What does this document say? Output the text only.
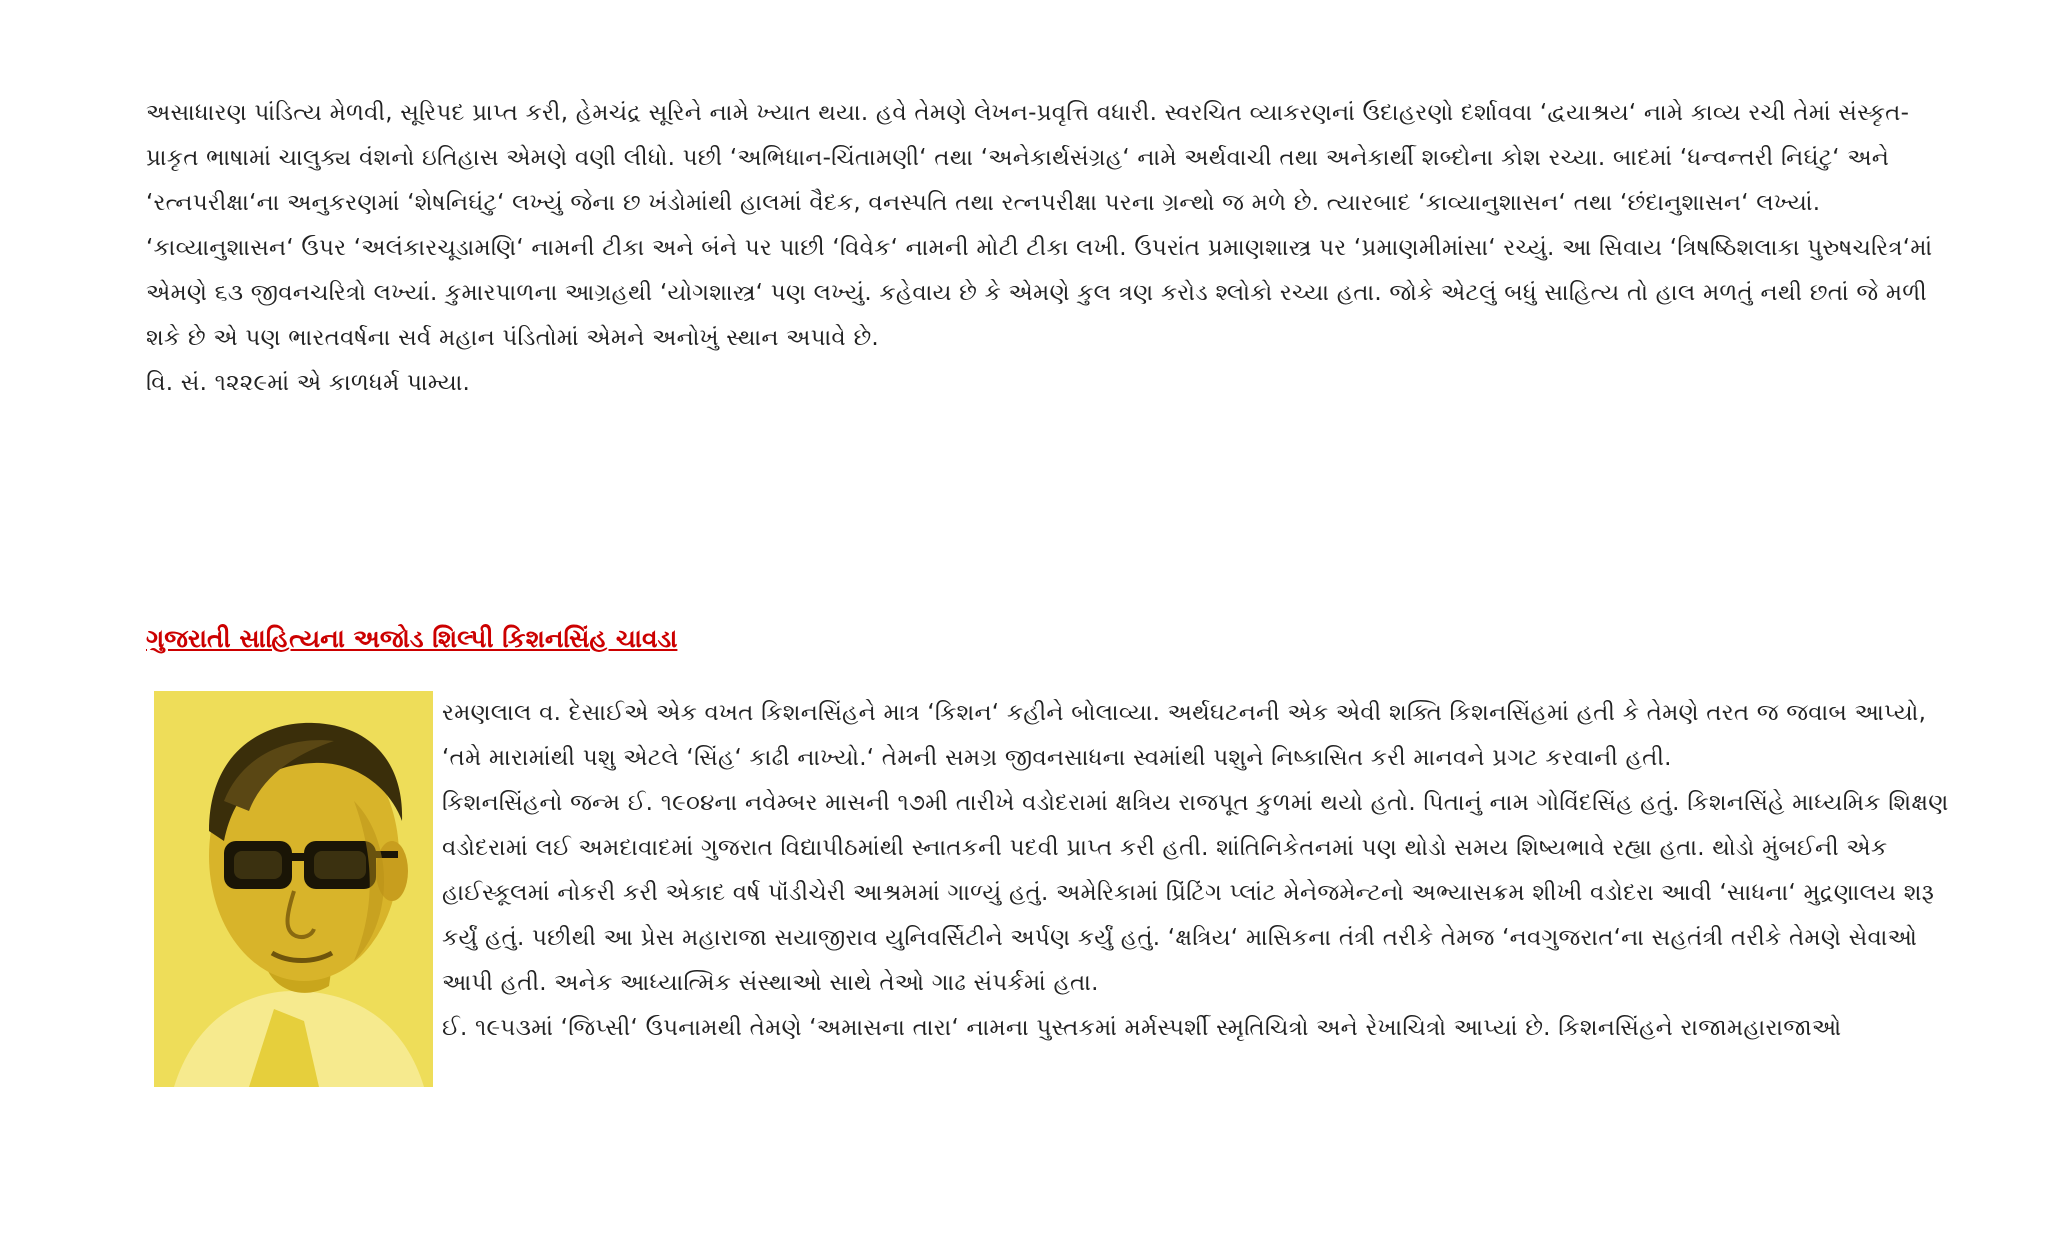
અસાધારણ પાંડિત્ય મેળવી, સૂરિપદ પ્રાપ્ત કરી, હેમચંદ્ર સૂરિને નામે ખ્યાત થયા. હવે તેમણે લેખન-પ્રવૃત્તિ વધારી. સ્વરચિત વ્યાકરણનાં ઉદાહરણો દર્શાવવા ‘દ્વયાશ્રય‘ નામે કાવ્ય રચી તેમાં સંસ્કૃત-પ્રાકૃત ભાષામાં ચાલુક્ય વંશનો ઇતિહાસ એમણે વણી લીધો. પછી ‘અભિધાન-ચિંતામણી‘ તથા ‘અનેકાર્થસંગ્રહ‘ નામે અર્થવાચી તથા અનેકાર્થી શબ્દોના કોશ રચ્યા. બાદમાં ‘ધન્વન્તરી નિઘંટુ‘ અને ‘રત્નપરીક્ષા‘ના અનુકરણમાં ‘શેષનિઘંટુ‘ લખ્યું જેના છ ખંડોમાંથી હાલમાં વૈદક, વનસ્પતિ તથા રત્નપરીક્ષા પરના ગ્રન્થો જ મળે છે. ત્યારબાદ ‘કાવ્યાનુશાસન‘ તથા ‘છંદાનુશાસન‘ લખ્યાં.

‘કાવ્યાનુશાસન‘ ઉપર ‘અલંકારચૂડામણિ‘ નામની ટીકા અને બંને પર પાછી ‘વિવેક‘ નામની મોટી ટીકા લખી. ઉપરાંત પ્રમાણશાસ્ત્ર પર ‘પ્રમાણમીમાંસા‘ રચ્યું. આ સિવાય ‘ત્રિષષ્ઠિશલાકા પુરુષચરિત્ર‘માં એમણે ૬૩ જીવનચરિત્રો લખ્યાં. કુમારપાળના આગ્રહથી ‘યોગશાસ્ત્ર‘ પણ લખ્યું. કહેવાય છે કે એમણે કુલ ત્રણ કરોડ શ્લોકો રચ્યા હતા. જોકે એટલું બધું સાહિત્ય તો હાલ મળતું નથી છતાં જે મળી શકે છે એ પણ ભારતવર્ષના સર્વ મહાન પંડિતોમાં એમને અનોખું સ્થાન અપાવે છે.

વિ. સં. ૧૨૨૯માં એ કાળધર્મ પામ્યા.

ગુજરાતી સાહિત્યના અજોડ શિલ્પી કિશનસિંહ ચાવડા

રમણલાલ વ. દેસાઈએ એક વખત કિશનસિંહને માત્ર ‘કિશન‘ કહીને બોલાવ્યા. અર્થઘટનની એક એવી શક્તિ કિશનસિંહમાં હતી કે તેમણે તરત જ જવાબ આપ્યો, ‘તમે મારામાંથી પશુ એટલે ‘સિંહ‘ કાઢી નાખ્યો.‘ તેમની સમગ્ર જીવનસાધના સ્વમાંથી પશુને નિષ્કાસિત કરી માનવને પ્રગટ કરવાની હતી.

કિશનસિંહનો જન્મ ઈ. ૧૯૦૪ના નવેમ્બર માસની ૧૭મી તારીખે વડોદરામાં ક્ષત્રિય રાજપૂત કુળમાં થયો હતો. પિતાનું નામ ગોવિંદસિંહ હતું. કિશનસિંહે માધ્યમિક શિક્ષણ વડોદરામાં લઈ અમદાવાદમાં ગુજરાત વિદ્યાપીઠમાંથી સ્નાતકની પદવી પ્રાપ્ત કરી હતી. શાંતિનિકેતનમાં પણ થોડો સમય શિષ્યભાવે રહ્યા હતા. થોડો મુંબઈની એક હાઈસ્કૂલમાં નોકરી કરી એકાદ વર્ષ પૉંડીચેરી આશ્રમમાં ગાળ્યું હતું. અમેરિકામાં પ્રિંટિંગ પ્લાંટ મેનેજમેન્ટનો અભ્યાસક્રમ શીખી વડોદરા આવી ‘સાધના‘ મુદ્રણાલય શરૂ કર્યું હતું. પછીથી આ પ્રેસ મહારાજા સયાજીરાવ યુનિવર્સિટીને અર્પણ કર્યું હતું. ‘ક્ષત્રિય‘ માસિકના તંત્રી તરીકે તેમજ ‘નવગુજરાત‘ના સહતંત્રી તરીકે તેમણે સેવાઓ આપી હતી. અનેક આધ્યાત્મિક સંસ્થાઓ સાથે તેઓ ગાઢ સંપર્કમાં હતા.

ઈ. ૧૯૫૩માં ‘જિપ્સી‘ ઉપનામથી તેમણે ‘અમાસના તારા‘ નામના પુસ્તકમાં મર્મસ્પર્શી સ્મૃતિચિત્રો અને રેખાચિત્રો આપ્યાં છે. કિશનસિંહને રાજામહારાજાઓ
